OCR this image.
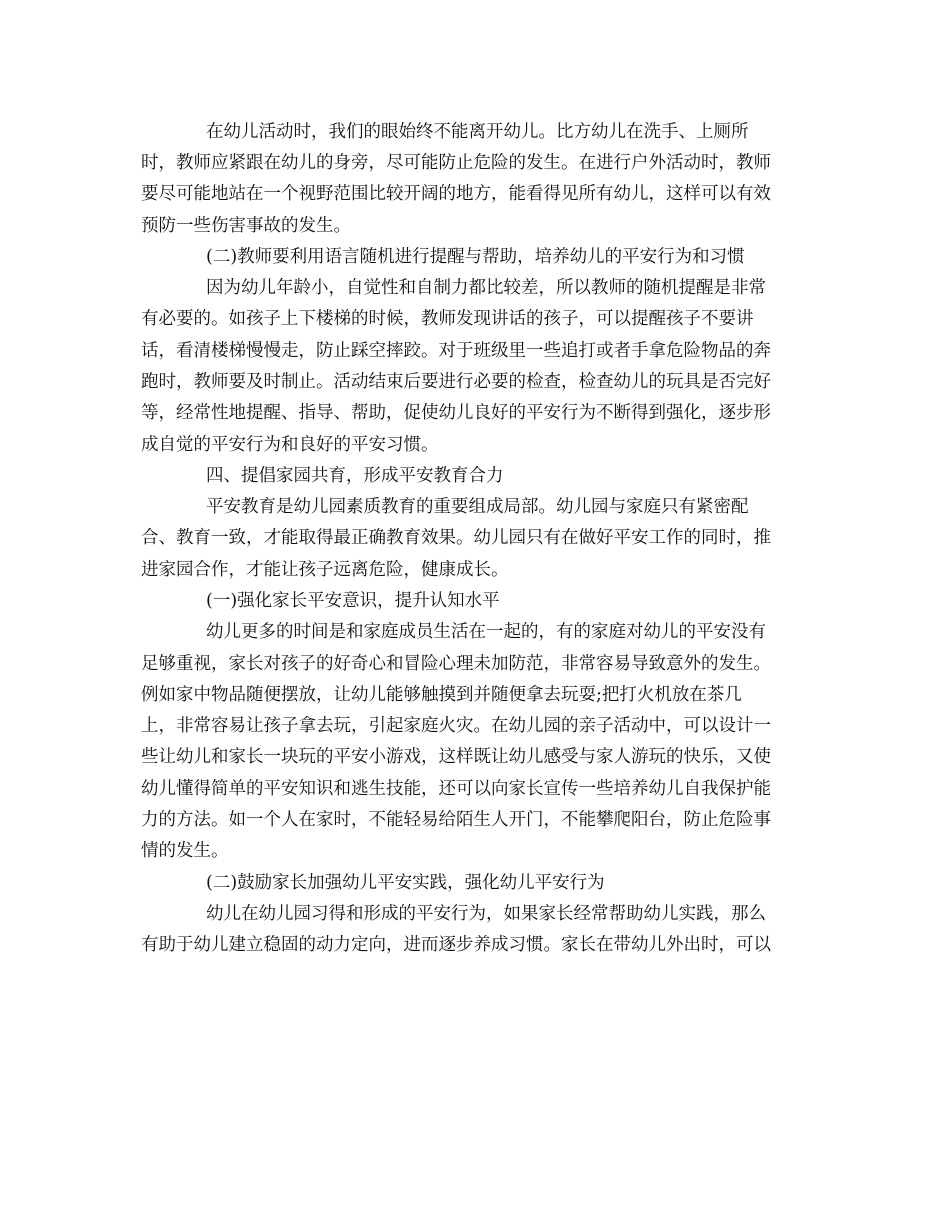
在幼儿活动时，我们的眼始终不能离开幼儿。比方幼儿在洗手、上厕所
时，教师应紧跟在幼儿的身旁，尽可能防止危险的发生。在进行户外活动时，教师
要尽可能地站在一个视野范围比较开阔的地方，能看得见所有幼儿，这样可以有效
预防一些伤害事故的发生。
(二)教师要利用语言随机进行提醒与帮助，培养幼儿的平安行为和习惯
因为幼儿年龄小，自觉性和自制力都比较差，所以教师的随机提醒是非常
有必要的。如孩子上下楼梯的时候，教师发现讲话的孩子，可以提醒孩子不要讲
话，看清楼梯慢慢走，防止踩空摔跤。对于班级里一些追打或者手拿危险物品的奔
跑时，教师要及时制止。活动结束后要进行必要的检查，检查幼儿的玩具是否完好
等，经常性地提醒、指导、帮助，促使幼儿良好的平安行为不断得到强化，逐步形
成自觉的平安行为和良好的平安习惯。
四、提倡家园共育，形成平安教育合力
平安教育是幼儿园素质教育的重要组成局部。幼儿园与家庭只有紧密配
合、教育一致，才能取得最正确教育效果。幼儿园只有在做好平安工作的同时，推
进家园合作，才能让孩子远离危险，健康成长。
(一)强化家长平安意识，提升认知水平
幼儿更多的时间是和家庭成员生活在一起的，有的家庭对幼儿的平安没有
足够重视，家长对孩子的好奇心和冒险心理未加防范，非常容易导致意外的发生。
例如家中物品随便摆放，让幼儿能够触摸到并随便拿去玩耍;把打火机放在茶几
上，非常容易让孩子拿去玩，引起家庭火灾。在幼儿园的亲子活动中，可以设计一
些让幼儿和家长一块玩的平安小游戏，这样既让幼儿感受与家人游玩的快乐，又使
幼儿懂得简单的平安知识和逃生技能，还可以向家长宣传一些培养幼儿自我保护能
力的方法。如一个人在家时，不能轻易给陌生人开门，不能攀爬阳台，防止危险事
情的发生。
(二)鼓励家长加强幼儿平安实践，强化幼儿平安行为
幼儿在幼儿园习得和形成的平安行为，如果家长经常帮助幼儿实践，那么
有助于幼儿建立稳固的动力定向，进而逐步养成习惯。家长在带幼儿外出时，可以
